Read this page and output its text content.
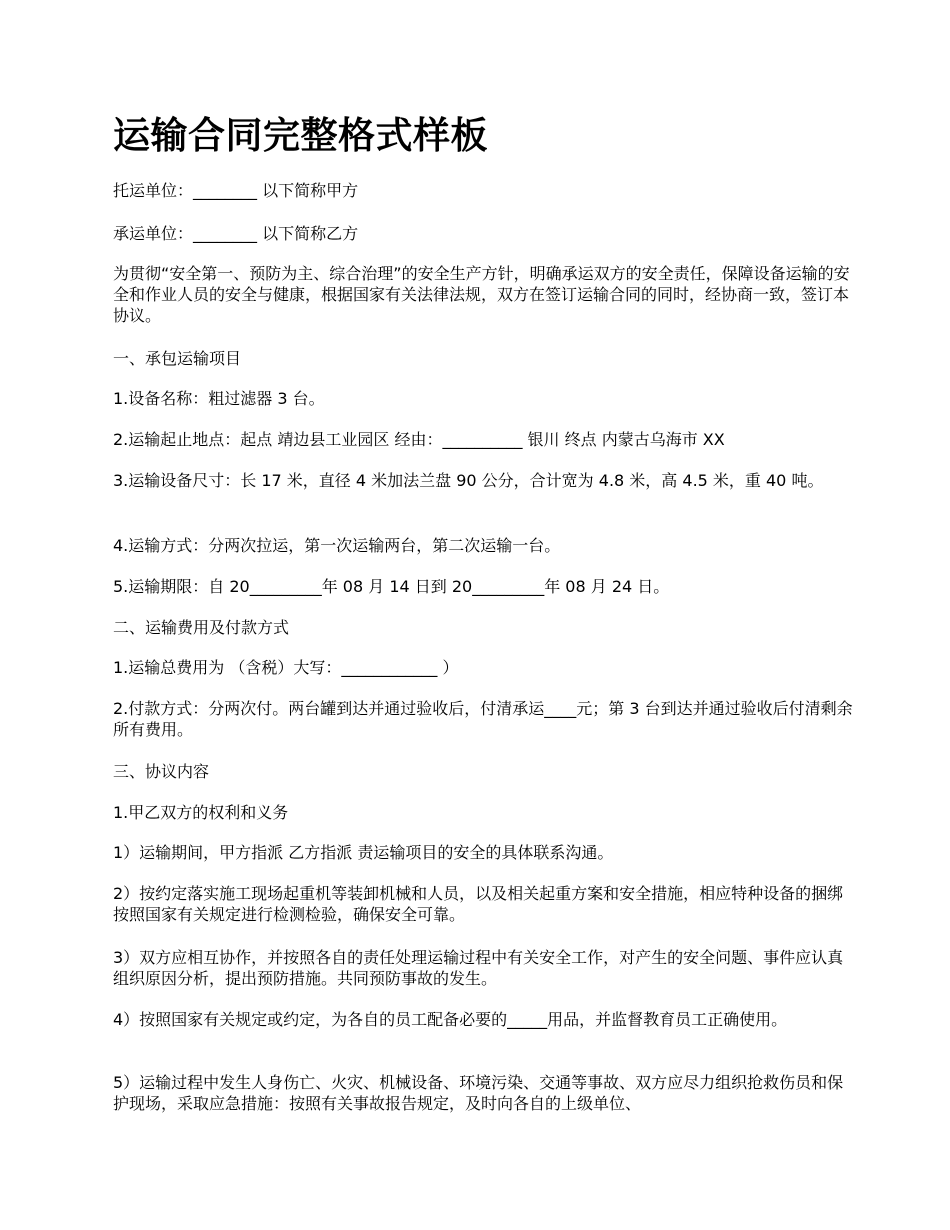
运输合同完整格式样板

托运单位：________ 以下简称甲方

承运单位：________ 以下简称乙方

为贯彻“安全第一、预防为主、综合治理”的安全生产方针，明确承运双方的安全责任，保障设备运输的安全和作业人员的安全与健康，根据国家有关法律法规，双方在签订运输合同的同时，经协商一致，签订本协议。

一、承包运输项目

1.设备名称：粗过滤器 3 台。

2.运输起止地点：起点 靖边县工业园区 经由：__________ 银川 终点 内蒙古乌海市 XX

3.运输设备尺寸：长 17 米，直径 4 米加法兰盘 90 公分，合计宽为 4.8 米，高 4.5 米，重 40 吨。

4.运输方式：分两次拉运，第一次运输两台，第二次运输一台。

5.运输期限：自 20_________年 08 月 14 日到 20_________年 08 月 24 日。

二、运输费用及付款方式

1.运输总费用为 （含税）大写：____________ ）

2.付款方式：分两次付。两台罐到达并通过验收后，付清承运____元；第 3 台到达并通过验收后付清剩余所有费用。

三、协议内容

1.甲乙双方的权利和义务

1）运输期间，甲方指派 乙方指派 责运输项目的安全的具体联系沟通。

2）按约定落实施工现场起重机等装卸机械和人员，以及相关起重方案和安全措施，相应特种设备的捆绑按照国家有关规定进行检测检验，确保安全可靠。

3）双方应相互协作，并按照各自的责任处理运输过程中有关安全工作，对产生的安全问题、事件应认真组织原因分析，提出预防措施。共同预防事故的发生。

4）按照国家有关规定或约定，为各自的员工配备必要的_____用品，并监督教育员工正确使用。

5）运输过程中发生人身伤亡、火灾、机械设备、环境污染、交通等事故、双方应尽力组织抢救伤员和保护现场，采取应急措施：按照有关事故报告规定，及时向各自的上级单位、
